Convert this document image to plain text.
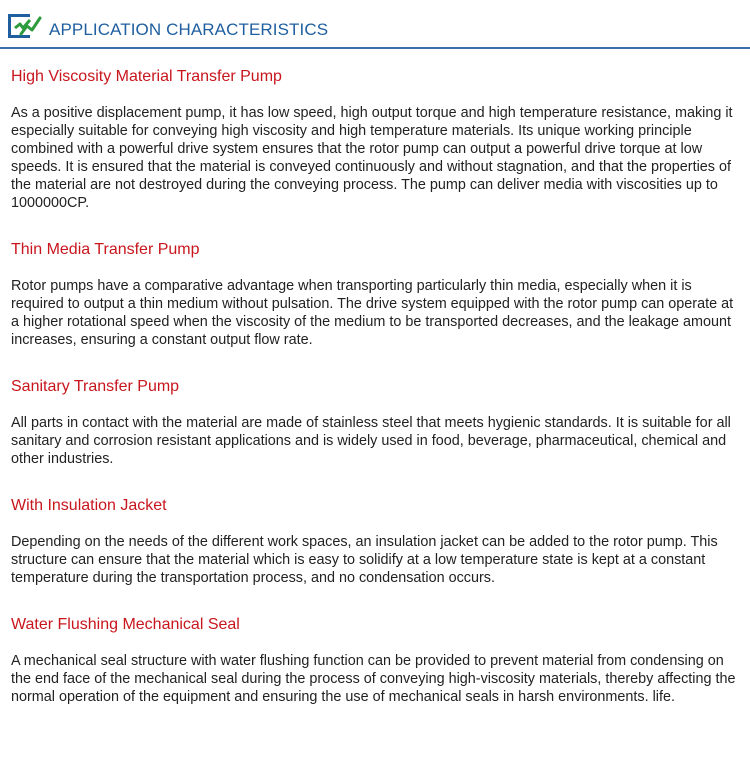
APPLICATION CHARACTERISTICS
High Viscosity Material Transfer Pump

As a positive displacement pump, it has low speed, high output torque and high temperature resistance, making it especially suitable for conveying high viscosity and high temperature materials. Its unique working principle combined with a powerful drive system ensures that the rotor pump can output a powerful drive torque at low speeds. It is ensured that the material is conveyed continuously and without stagnation, and that the properties of the material are not destroyed during the conveying process. The pump can deliver media with viscosities up to 1000000CP.

Thin Media Transfer Pump

Rotor pumps have a comparative advantage when transporting particularly thin media, especially when it is required to output a thin medium without pulsation. The drive system equipped with the rotor pump can operate at a higher rotational speed when the viscosity of the medium to be transported decreases, and the leakage amount increases, ensuring a constant output flow rate.

Sanitary Transfer Pump

All parts in contact with the material are made of stainless steel that meets hygienic standards. It is suitable for all sanitary and corrosion resistant applications and is widely used in food, beverage, pharmaceutical, chemical and other industries.

With Insulation Jacket

Depending on the needs of the different work spaces, an insulation jacket can be added to the rotor pump. This structure can ensure that the material which is easy to solidify at a low temperature state is kept at a constant temperature during the transportation process, and no condensation occurs.

Water Flushing Mechanical Seal

A mechanical seal structure with water flushing function can be provided to prevent material from condensing on the end face of the mechanical seal during the process of conveying high-viscosity materials, thereby affecting the normal operation of the equipment and ensuring the use of mechanical seals in harsh environments. life.
